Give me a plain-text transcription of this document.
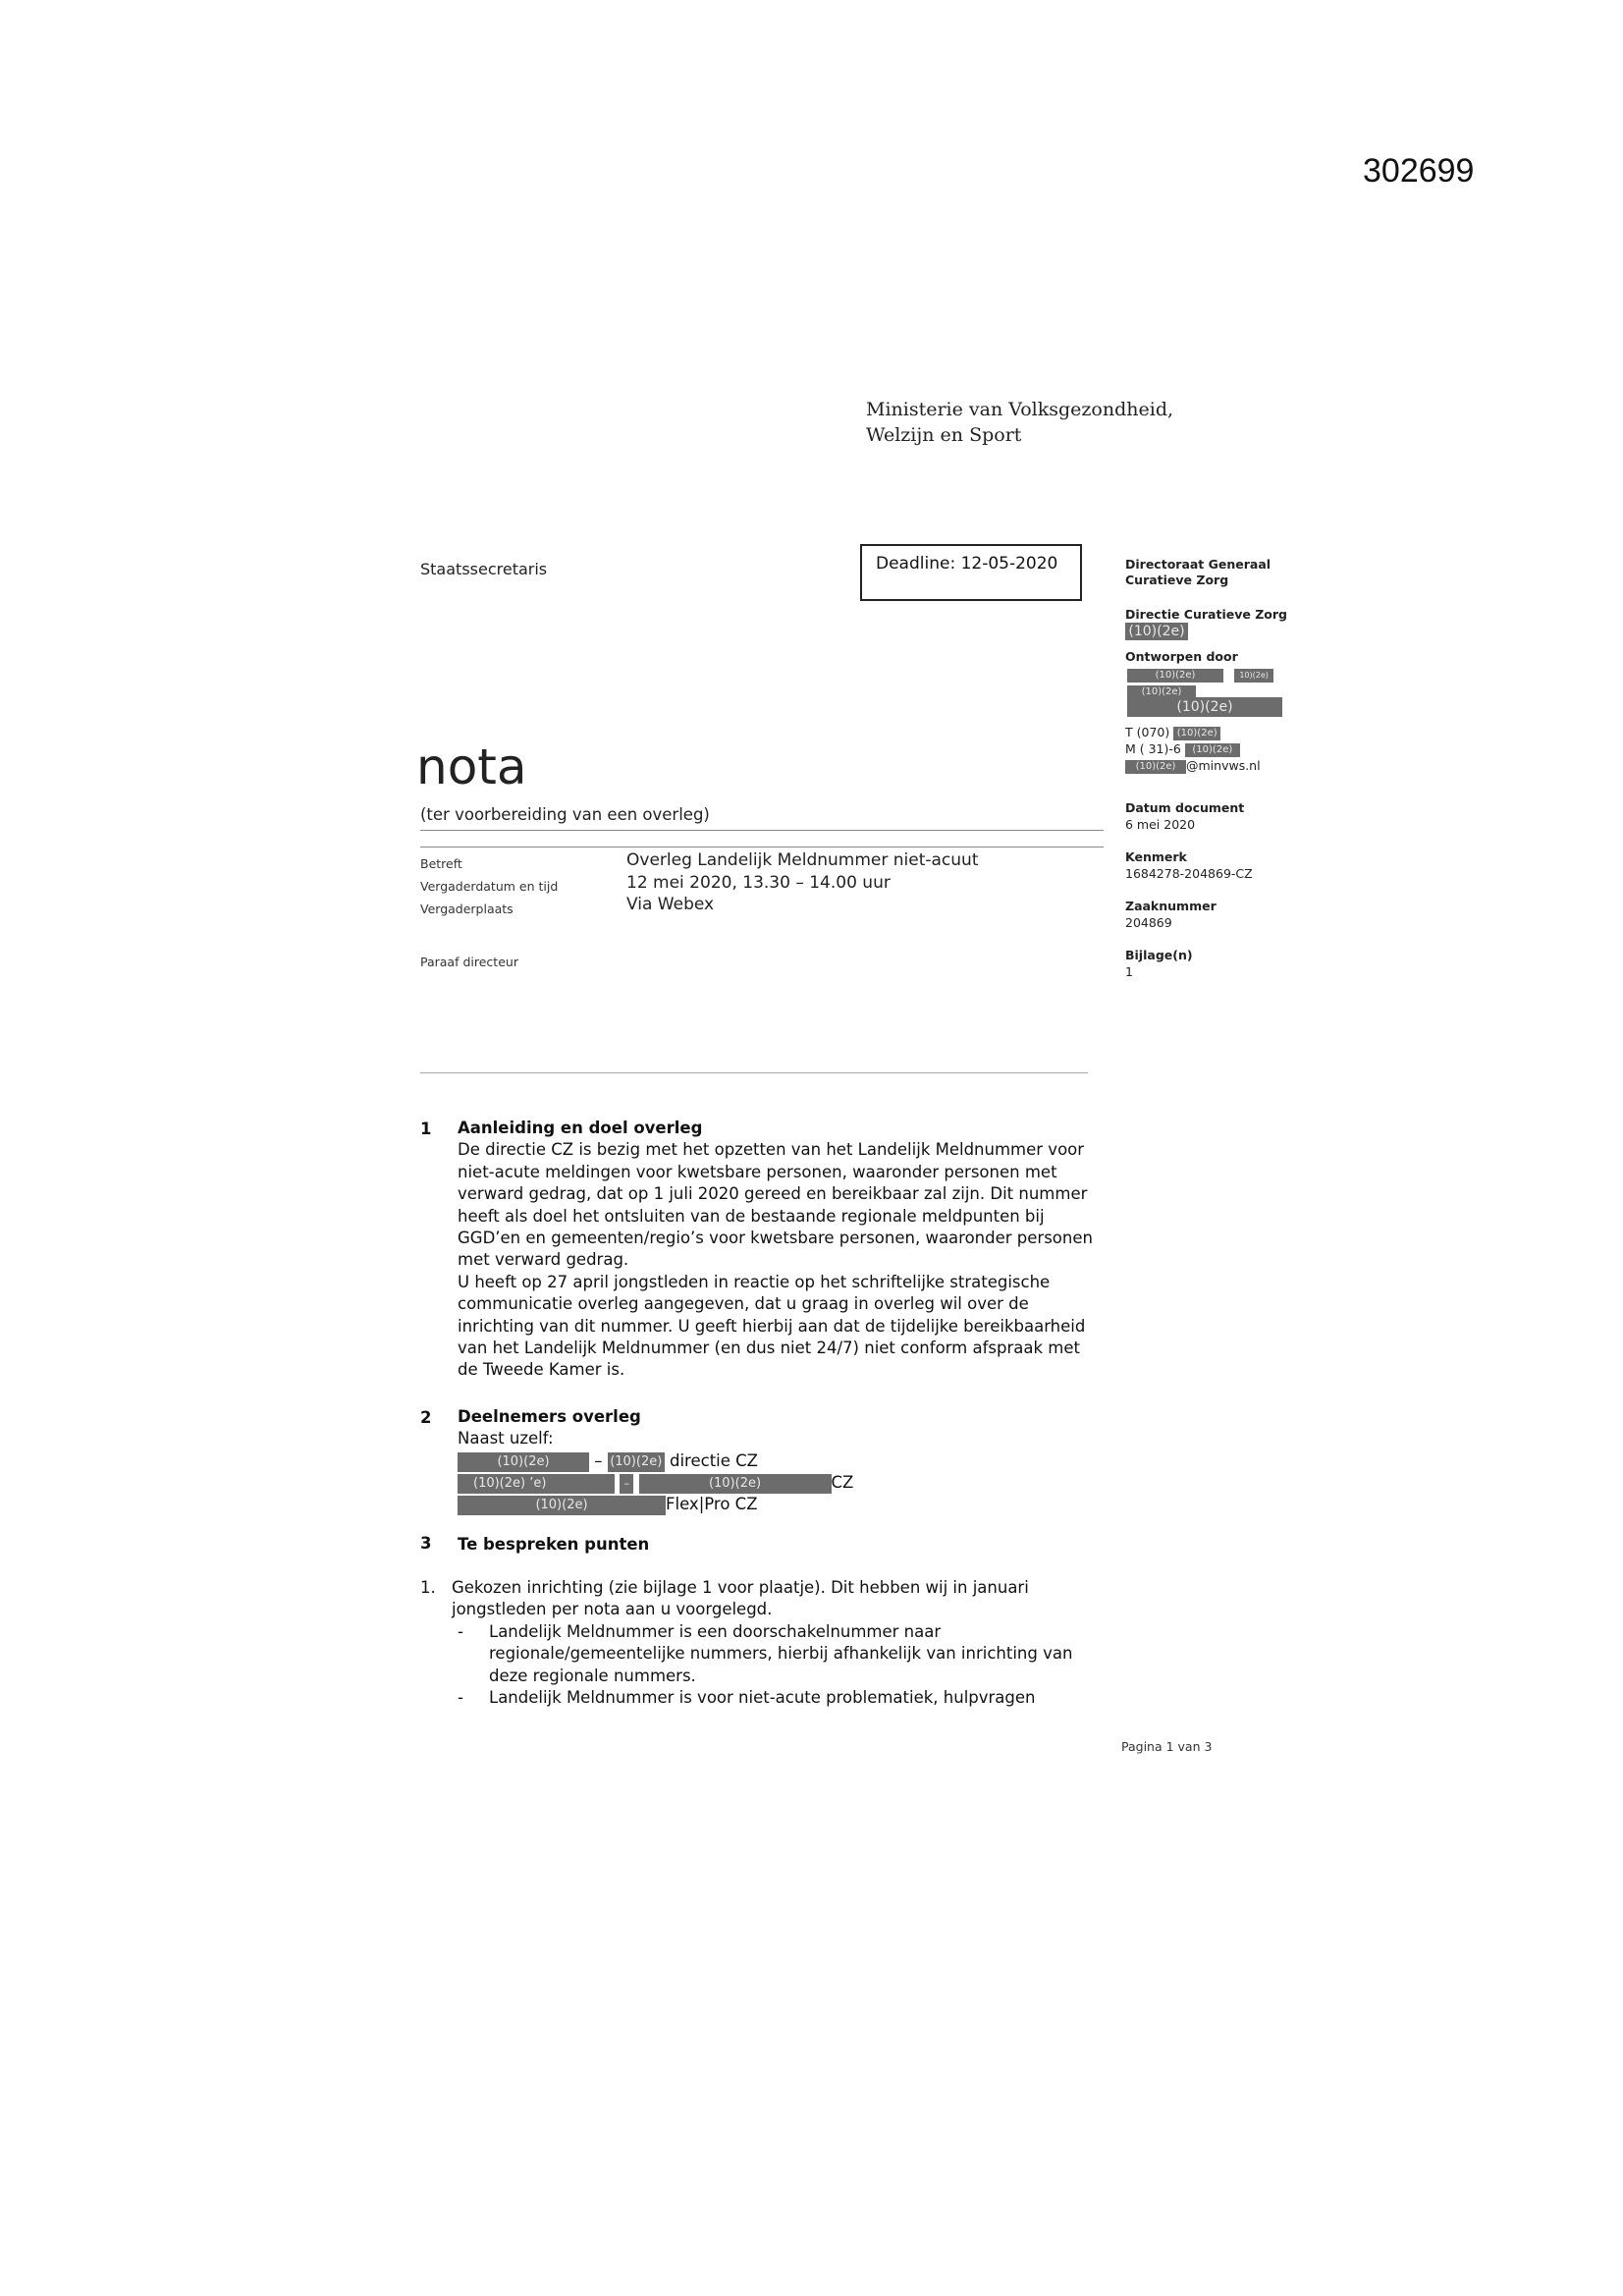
302699
Ministerie van Volksgezondheid,
Welzijn en Sport
Staatssecretaris	Deadline: 12-05-2020	Directoraat Generaal
Curatieve Zorg
Directie Curatieve Zorg
(10)(2e)
Ontworpen door
(10)(2e)	10)(2e)
(10)(2e)
(10)(2e)
T (070) (10)(2e)
M ( 31)-6 (10)(2e)
(10)(2e) @minvws.nl
Datum document
6 mei 2020
Kenmerk
1684278-204869-CZ
Zaaknummer
204869
Bijlage(n)
1
nota
(ter voorbereiding van een overleg)
Betreft	Overleg Landelijk Meldnummer niet-acuut
Vergaderdatum en tijd	12 mei 2020, 13.30 – 14.00 uur
Vergaderplaats	Via Webex
Paraaf directeur
1 Aanleiding en doel overleg
De directie CZ is bezig met het opzetten van het Landelijk Meldnummer voor
niet-acute meldingen voor kwetsbare personen, waaronder personen met
verward gedrag, dat op 1 juli 2020 gereed en bereikbaar zal zijn. Dit nummer
heeft als doel het ontsluiten van de bestaande regionale meldpunten bij
GGD’en en gemeenten/regio’s voor kwetsbare personen, waaronder personen
met verward gedrag.
U heeft op 27 april jongstleden in reactie op het schriftelijke strategische
communicatie overleg aangegeven, dat u graag in overleg wil over de
inrichting van dit nummer. U geeft hierbij aan dat de tijdelijke bereikbaarheid
van het Landelijk Meldnummer (en dus niet 24/7) niet conform afspraak met
de Tweede Kamer is.
2 Deelnemers overleg
Naast uzelf:
(10)(2e)	– (10)(2e) directie CZ
(10)(2e) ’e)	–	(10)(2e)	CZ
(10)(2e)	Flex|Pro CZ
3 Te bespreken punten
1. Gekozen inrichting (zie bijlage 1 voor plaatje). Dit hebben wij in januari
jongstleden per nota aan u voorgelegd.
- Landelijk Meldnummer is een doorschakelnummer naar
regionale/gemeentelijke nummers, hierbij afhankelijk van inrichting van
deze regionale nummers.
- Landelijk Meldnummer is voor niet-acute problematiek, hulpvragen
Pagina 1 van 3
